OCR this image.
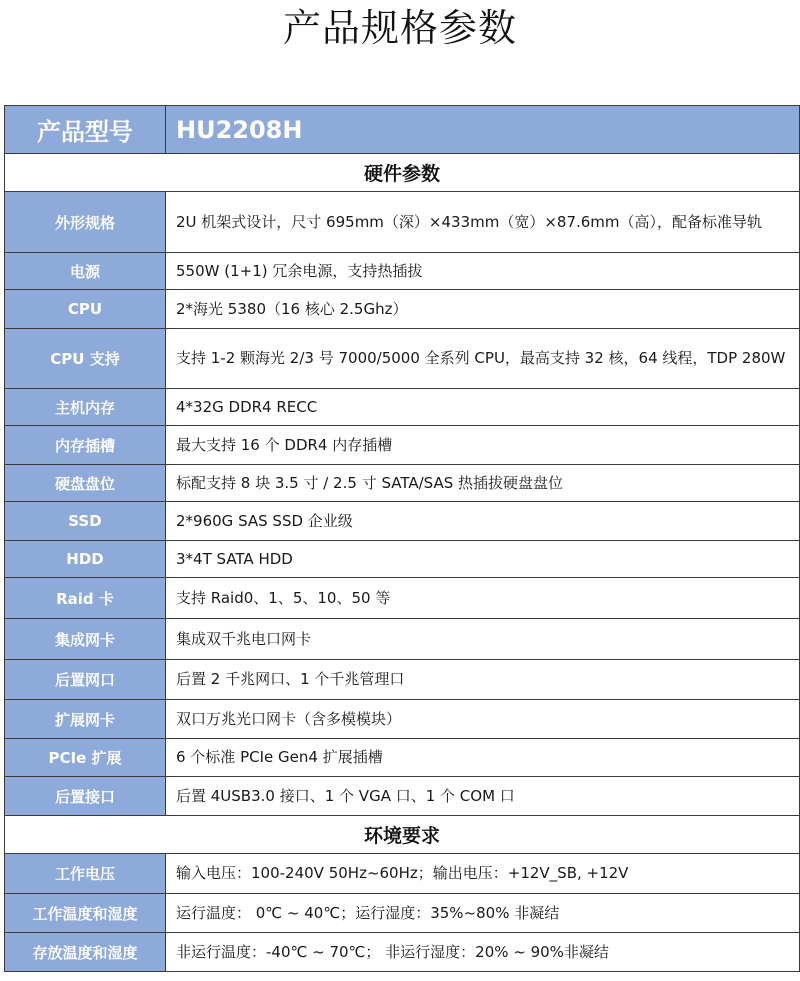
产品规格参数
产品型号	HU2208H
硬件参数	
外形规格	2U 机架式设计，尺寸 695mm（深）×433mm（宽）×87.6mm（高），配备标准导轨
电源	550W (1+1) 冗余电源，支持热插拔
CPU	2*海光 5380（16 核心 2.5Ghz）
CPU 支持	支持 1-2 颗海光 2/3 号 7000/5000 全系列 CPU，最高支持 32 核，64 线程，TDP 280W
主机内存	4*32G DDR4 RECC
内存插槽	最大支持 16 个 DDR4 内存插槽
硬盘盘位	标配支持 8 块 3.5 寸 / 2.5 寸 SATA/SAS 热插拔硬盘盘位
SSD	2*960G SAS SSD 企业级
HDD	3*4T SATA HDD
Raid 卡	支持 Raid0、1、5、10、50 等
集成网卡	集成双千兆电口网卡
后置网口	后置 2 千兆网口、1 个千兆管理口
扩展网卡	双口万兆光口网卡（含多模模块）
PCIe 扩展	6 个标准 PCIe Gen4 扩展插槽
后置接口	后置 4USB3.0 接口、1 个 VGA 口、1 个 COM 口
环境要求	
工作电压	输入电压：100-240V 50Hz~60Hz；输出电压：+12V_SB, +12V
工作温度和湿度	运行温度： 0℃ ~ 40℃；运行湿度：35%~80% 非凝结
存放温度和湿度	非运行温度：-40℃ ~ 70℃； 非运行湿度：20% ~ 90%非凝结
